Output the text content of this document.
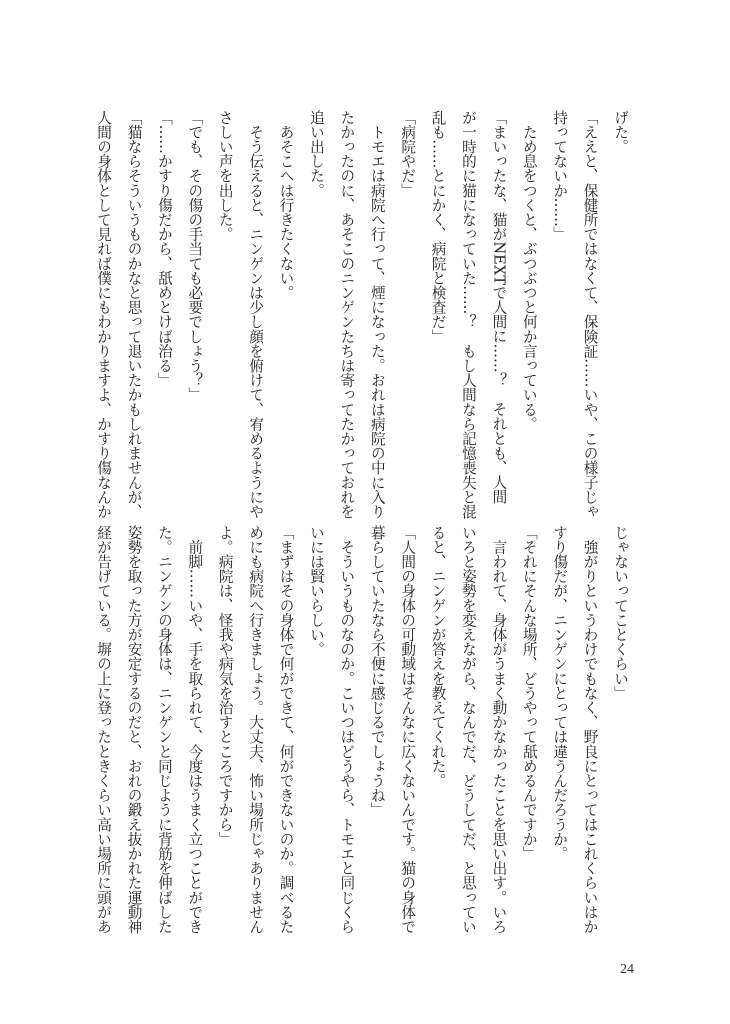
げた。
「ええと、保健所ではなくて、保険証……いや、この様子じゃ
持ってないか……」
　ため息をつくと、ぶつぶつと何か言っている。
「まいったな、猫がNEXTで人間に……？　それとも、人間
が一時的に猫になっていた……？　もし人間なら記憶喪失と混
乱も……とにかく、病院と検査だ」
「病院やだ」
　トモエは病院へ行って、煙になった。おれは病院の中に入り
たかったのに、あそこのニンゲンたちは寄ってたかっておれを
追い出した。
　あそこへは行きたくない。
　そう伝えると、ニンゲンは少し顔を俯けて、宥めるようにや
さしい声を出した。
「でも、その傷の手当ても必要でしょう？」
「……かすり傷だから、舐めとけば治る」
「猫ならそういうものかなと思って退いたかもしれませんが、
人間の身体として見れば僕にもわかりますよ、かすり傷なんか
じゃないってことくらい」
　強がりというわけでもなく、野良にとってはこれくらいはか
すり傷だが、ニンゲンにとっては違うんだろうか。
「それにそんな場所、どうやって舐めるんですか」
　言われて、身体がうまく動かなかったことを思い出す。いろ
いろと姿勢を変えながら、なんでだ、どうしてだ、と思ってい
ると、ニンゲンが答えを教えてくれた。
「人間の身体の可動域はそんなに広くないんです。猫の身体で
暮らしていたなら不便に感じるでしょうね」
　そういうものなのか。こいつはどうやら、トモエと同じくら
いには賢いらしい。
「まずはその身体で何ができて、何ができないのか。調べるた
めにも病院へ行きましょう。大丈夫、怖い場所じゃありません
よ。病院は、怪我や病気を治すところですから」
　前脚……いや、手を取られて、今度はうまく立つことができ
た。ニンゲンの身体は、ニンゲンと同じように背筋を伸ばした
姿勢を取った方が安定するのだと、おれの鍛え抜かれた運動神
経が告げている。塀の上に登ったときくらい高い場所に頭があ
24
